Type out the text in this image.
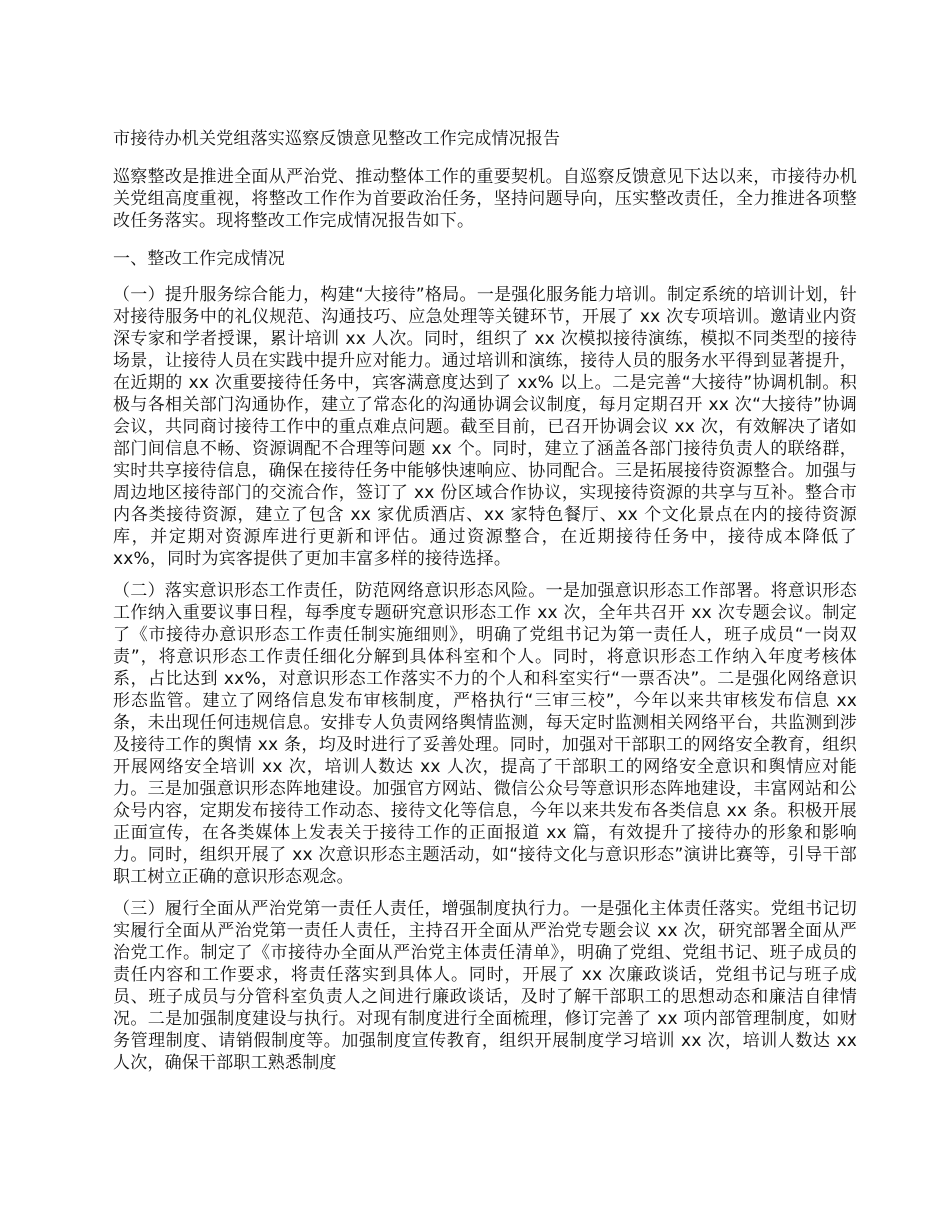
市接待办机关党组落实巡察反馈意见整改工作完成情况报告

巡察整改是推进全面从严治党、推动整体工作的重要契机。自巡察反馈意见下达以来，市接待办机关党组高度重视，将整改工作作为首要政治任务，坚持问题导向，压实整改责任，全力推进各项整改任务落实。现将整改工作完成情况报告如下。

一、整改工作完成情况

（一）提升服务综合能力，构建“大接待”格局。一是强化服务能力培训。制定系统的培训计划，针对接待服务中的礼仪规范、沟通技巧、应急处理等关键环节，开展了 xx 次专项培训。邀请业内资深专家和学者授课，累计培训 xx 人次。同时，组织了 xx 次模拟接待演练，模拟不同类型的接待场景，让接待人员在实践中提升应对能力。通过培训和演练，接待人员的服务水平得到显著提升，在近期的 xx 次重要接待任务中，宾客满意度达到了 xx% 以上。二是完善“大接待”协调机制。积极与各相关部门沟通协作，建立了常态化的沟通协调会议制度，每月定期召开 xx 次“大接待”协调会议，共同商讨接待工作中的重点难点问题。截至目前，已召开协调会议 xx 次，有效解决了诸如部门间信息不畅、资源调配不合理等问题 xx 个。同时，建立了涵盖各部门接待负责人的联络群，实时共享接待信息，确保在接待任务中能够快速响应、协同配合。三是拓展接待资源整合。加强与周边地区接待部门的交流合作，签订了 xx 份区域合作协议，实现接待资源的共享与互补。整合市内各类接待资源，建立了包含 xx 家优质酒店、xx 家特色餐厅、xx 个文化景点在内的接待资源库，并定期对资源库进行更新和评估。通过资源整合，在近期接待任务中，接待成本降低了 xx%，同时为宾客提供了更加丰富多样的接待选择。

（二）落实意识形态工作责任，防范网络意识形态风险。一是加强意识形态工作部署。将意识形态工作纳入重要议事日程，每季度专题研究意识形态工作 xx 次，全年共召开 xx 次专题会议。制定了《市接待办意识形态工作责任制实施细则》，明确了党组书记为第一责任人，班子成员“一岗双责”，将意识形态工作责任细化分解到具体科室和个人。同时，将意识形态工作纳入年度考核体系，占比达到 xx%，对意识形态工作落实不力的个人和科室实行“一票否决”。二是强化网络意识形态监管。建立了网络信息发布审核制度，严格执行“三审三校”，今年以来共审核发布信息 xx 条，未出现任何违规信息。安排专人负责网络舆情监测，每天定时监测相关网络平台，共监测到涉及接待工作的舆情 xx 条，均及时进行了妥善处理。同时，加强对干部职工的网络安全教育，组织开展网络安全培训 xx 次，培训人数达 xx 人次，提高了干部职工的网络安全意识和舆情应对能力。三是加强意识形态阵地建设。加强官方网站、微信公众号等意识形态阵地建设，丰富网站和公众号内容，定期发布接待工作动态、接待文化等信息，今年以来共发布各类信息 xx 条。积极开展正面宣传，在各类媒体上发表关于接待工作的正面报道 xx 篇，有效提升了接待办的形象和影响力。同时，组织开展了 xx 次意识形态主题活动，如“接待文化与意识形态”演讲比赛等，引导干部职工树立正确的意识形态观念。

（三）履行全面从严治党第一责任人责任，增强制度执行力。一是强化主体责任落实。党组书记切实履行全面从严治党第一责任人责任，主持召开全面从严治党专题会议 xx 次，研究部署全面从严治党工作。制定了《市接待办全面从严治党主体责任清单》，明确了党组、党组书记、班子成员的责任内容和工作要求，将责任落实到具体人。同时，开展了 xx 次廉政谈话，党组书记与班子成员、班子成员与分管科室负责人之间进行廉政谈话，及时了解干部职工的思想动态和廉洁自律情况。二是加强制度建设与执行。对现有制度进行全面梳理，修订完善了 xx 项内部管理制度，如财务管理制度、请销假制度等。加强制度宣传教育，组织开展制度学习培训 xx 次，培训人数达 xx 人次，确保干部职工熟悉制度
